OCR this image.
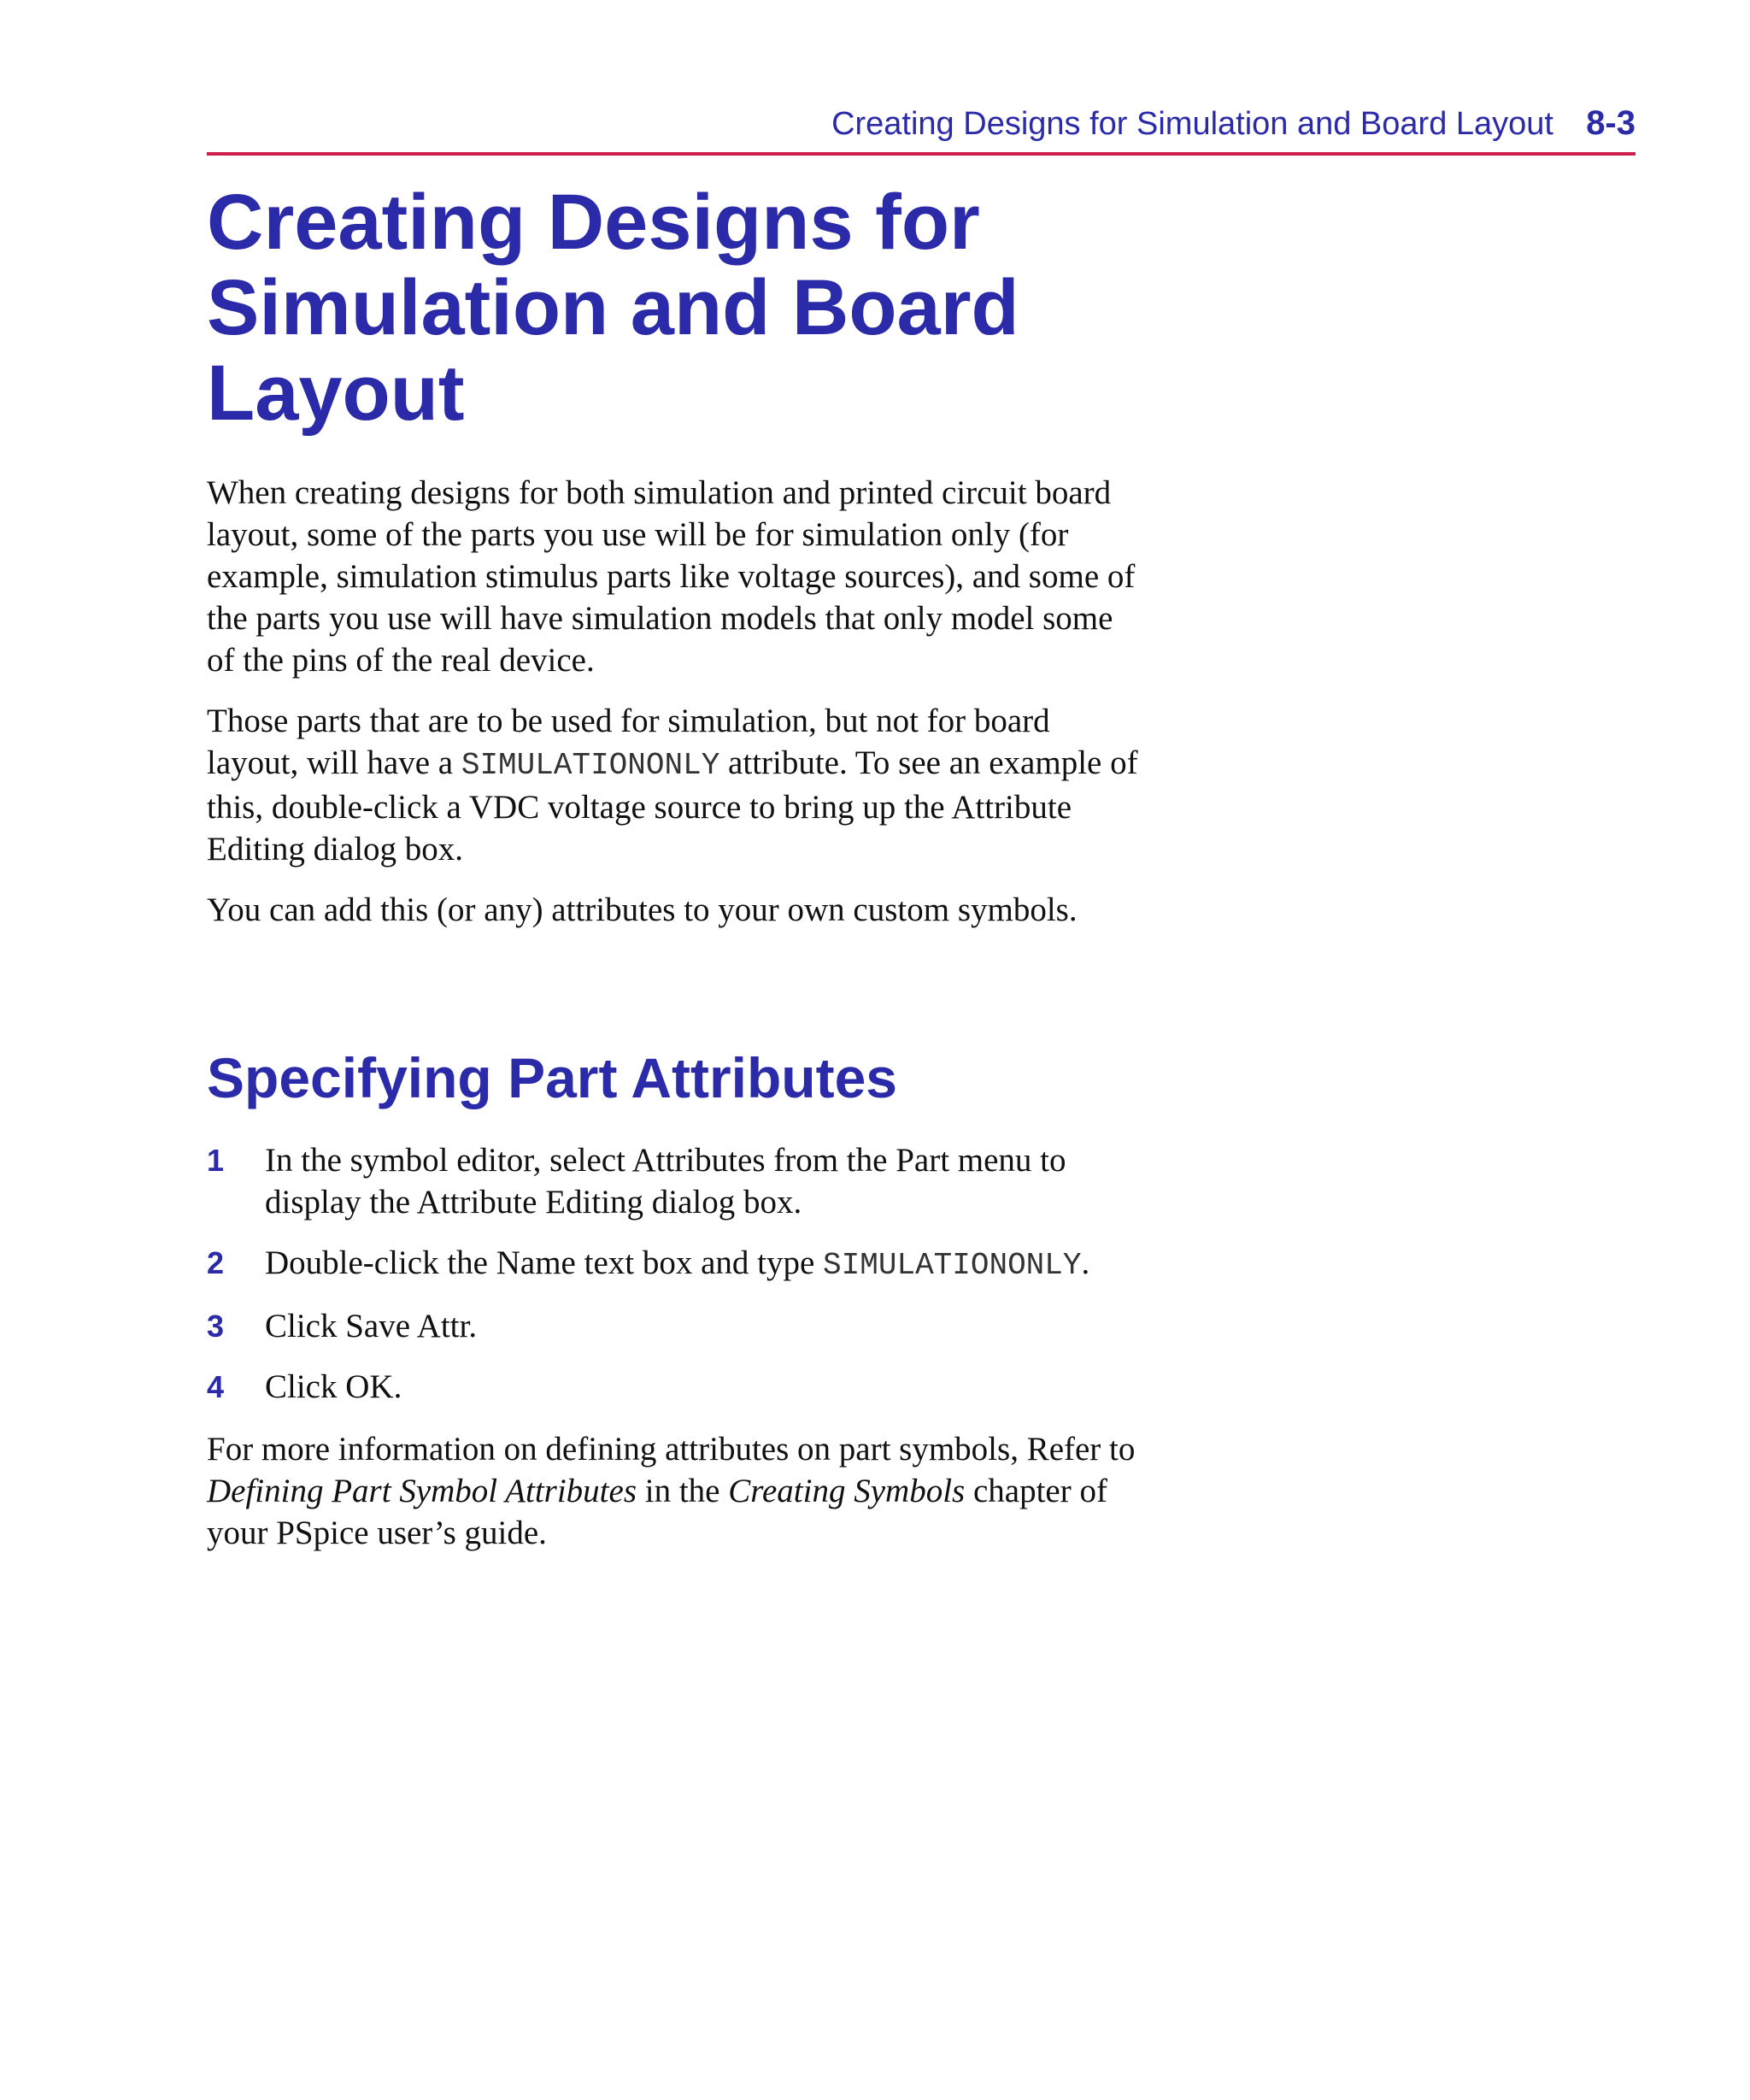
Creating Designs for Simulation and Board Layout 8-3
Creating Designs for Simulation and Board Layout

When creating designs for both simulation and printed circuit board layout, some of the parts you use will be for simulation only (for example, simulation stimulus parts like voltage sources), and some of the parts you use will have simulation models that only model some of the pins of the real device.

Those parts that are to be used for simulation, but not for board layout, will have a SIMULATIONONLY attribute. To see an example of this, double-click a VDC voltage source to bring up the Attribute Editing dialog box.

You can add this (or any) attributes to your own custom symbols.

Specifying Part Attributes
1 In the symbol editor, select Attributes from the Part menu to display the Attribute Editing dialog box.
2 Double-click the Name text box and type SIMULATIONONLY.
3 Click Save Attr.
4 Click OK.

For more information on defining attributes on part symbols, Refer to Defining Part Symbol Attributes in the Creating Symbols chapter of your PSpice user’s guide.
